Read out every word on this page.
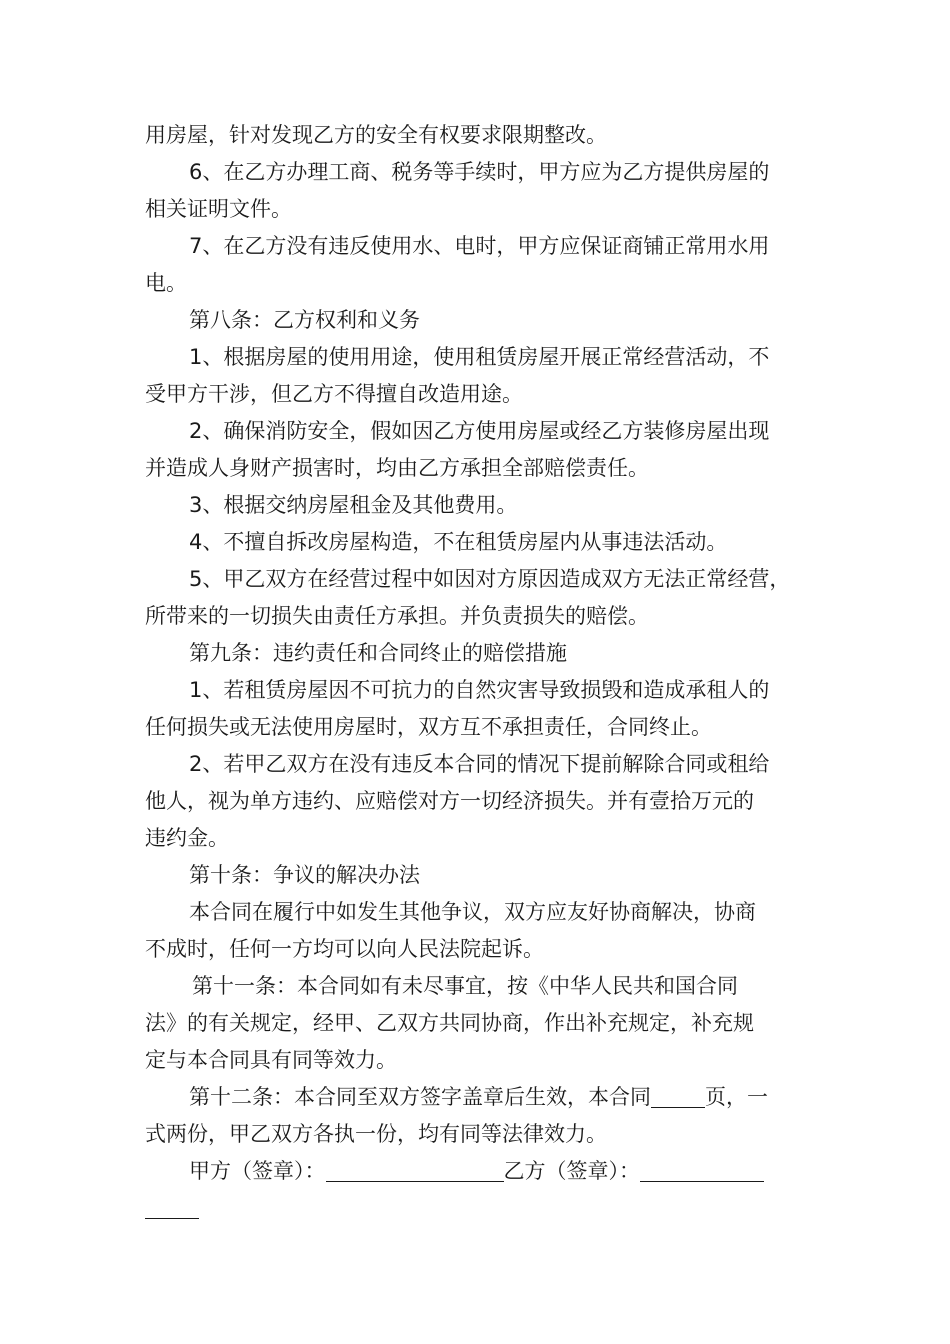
用房屋，针对发现乙方的安全有权要求限期整改。
6、在乙方办理工商、税务等手续时，甲方应为乙方提供房屋的
相关证明文件。
7、在乙方没有违反使用水、电时，甲方应保证商铺正常用水用
电。
第八条：乙方权利和义务
1、根据房屋的使用用途，使用租赁房屋开展正常经营活动，不
受甲方干涉，但乙方不得擅自改造用途。
2、确保消防安全，假如因乙方使用房屋或经乙方装修房屋出现
并造成人身财产损害时，均由乙方承担全部赔偿责任。
3、根据交纳房屋租金及其他费用。
4、不擅自拆改房屋构造，不在租赁房屋内从事违法活动。
5、甲乙双方在经营过程中如因对方原因造成双方无法正常经营，
所带来的一切损失由责任方承担。并负责损失的赔偿。
第九条：违约责任和合同终止的赔偿措施
1、若租赁房屋因不可抗力的自然灾害导致损毁和造成承租人的
任何损失或无法使用房屋时，双方互不承担责任，合同终止。
2、若甲乙双方在没有违反本合同的情况下提前解除合同或租给
他人，视为单方违约、应赔偿对方一切经济损失。并有壹拾万元的
违约金。
第十条：争议的解决办法
本合同在履行中如发生其他争议，双方应友好协商解决，协商
不成时，任何一方均可以向人民法院起诉。
第十一条：本合同如有未尽事宜，按《中华人民共和国合同
法》的有关规定，经甲、乙双方共同协商，作出补充规定，补充规
定与本合同具有同等效力。
第十二条：本合同至双方签字盖章后生效，本合同	页，一
式两份，甲乙双方各执一份，均有同等法律效力。
甲方（签章）：	乙方（签章）：
